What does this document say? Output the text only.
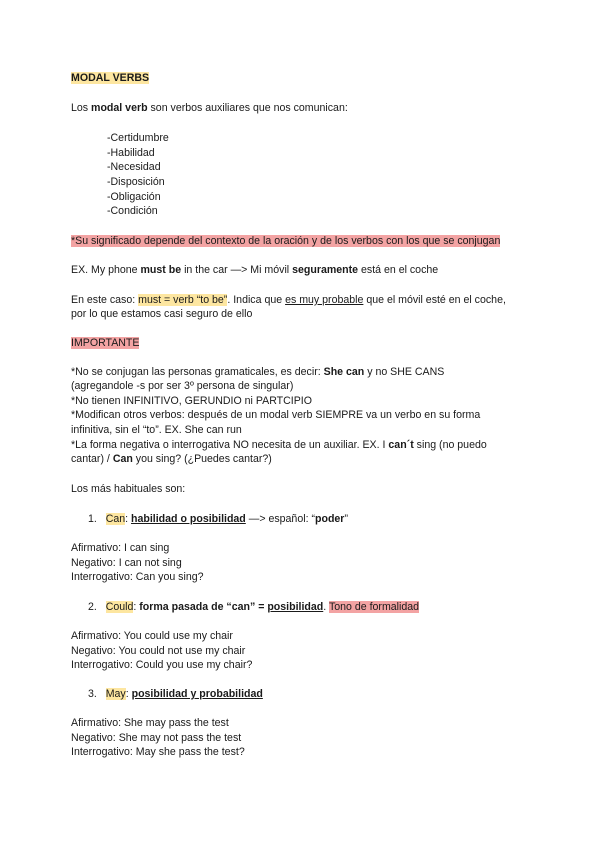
MODAL VERBS
Los modal verb son verbos auxiliares que nos comunican:
-Certidumbre
-Habilidad
-Necesidad
-Disposición
-Obligación
-Condición
*Su significado depende del contexto de la oración y de los verbos con los que se conjugan
EX. My phone must be in the car —> Mi móvil seguramente está en el coche
En este caso: must = verb “to be”. Indica que es muy probable que el móvil esté en el coche,
por lo que estamos casi seguro de ello
IMPORTANTE
*No se conjugan las personas gramaticales, es decir: She can y no SHE CANS
(agregandole -s por ser 3º persona de singular)
*No tienen INFINITIVO, GERUNDIO ni PARTCIPIO
*Modifican otros verbos: después de un modal verb SIEMPRE va un verbo en su forma
infinitiva, sin el “to”. EX. She can run
*La forma negativa o interrogativa NO necesita de un auxiliar. EX. I can´t sing (no puedo
cantar) / Can you sing? (¿Puedes cantar?)
Los más habituales son:
1. Can: habilidad o posibilidad —> español: “poder”
Afirmativo: I can sing
Negativo: I can not sing
Interrogativo: Can you sing?
2. Could: forma pasada de “can” = posibilidad. Tono de formalidad
Afirmativo: You could use my chair
Negativo: You could not use my chair
Interrogativo: Could you use my chair?
3. May: posibilidad y probabilidad
Afirmativo: She may pass the test
Negativo: She may not pass the test
Interrogativo: May she pass the test?
